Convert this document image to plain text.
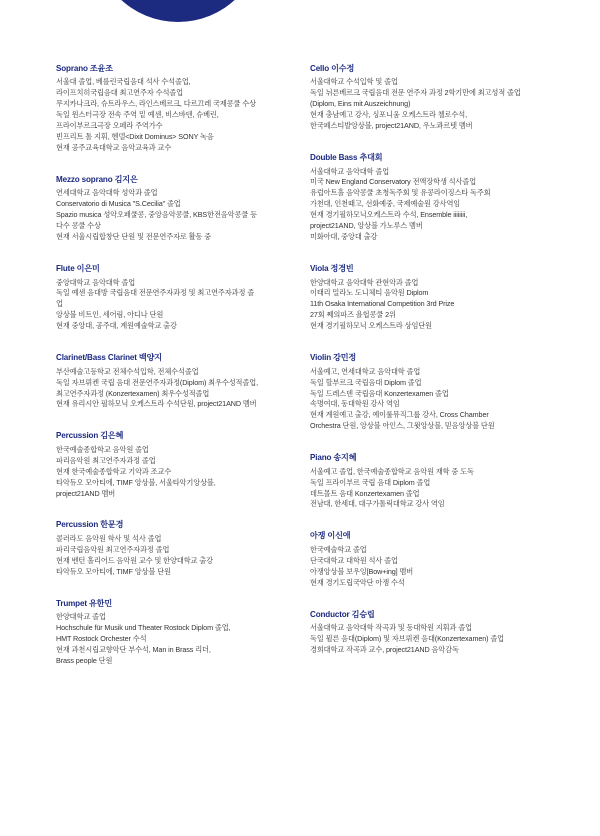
Soprano 조윤조
서울대 졸업, 베를린국립음대 석사 수석졸업,
라이프치히국립음대 최고연주자 수석졸업
무지카나크라, 슈트라우스, 라인스베르크, 다르끄레 국제콩쿨 수상
독일 윈스터극장 전속 주역 밑 예센, 비스바덴, 슈베린,
프라이부르크극장 오페라 주역가수
빈프리트 톨 지휘, 헨델<Dixit Dominus> SONY 녹음
현재 공주교육대학교 음악교육과 교수
Mezzo soprano 김지은
연세대학교 음악대학 성악과 졸업
Conservatorio di Musica "S.Cecilia" 졸업
Spazio musica 성악오페쿨콩, 중앙음악콩쿨, KBS한전음악콩쿨 등
다수 콩쿨 수상
현재 서울시립합창단 단원 및 전문연주자로 활동 중
Flute 이은미
중앙대학교 음악대학 졸업
독일 예센 음대방 국립음대 전문연주자과정 및 최고연주자과정 졸업
앙상블 비트인, 세어림, 아디나 단원
현재 중앙대, 공주대, 계원예술학교 출강
Clarinet/Bass Clarinet 백양지
부산예술고등학교 전체수석입학, 전체수석졸업
독일 자브뤼켄 국립 음대 전문연주자과정(Diplom) 최우수성적졸업,
최고연주자과정 (Konzertexamen) 최우수성적졸업
현재 유리시안 필하모닉 오케스트라 수석단원, project21AND 멤버
Percussion 김은혜
한국예술종합학교 음악원 졸업
파리음악원 최고연주자과정 졸업
현재 한국예술종합학교 기악과 조교수
타악듀오 모아티에, TIMF 앙상블, 서울타악기앙상블,
project21AND 멤버
Percussion 한문경
콜러라도 음악원 학사 및 석사 졸업
파리국립음악원 최고연주자과정 졸업
현재 벤턴 홀리어드 음악원 교수 및 한양대학교 출강
타악듀오 모아티에, TIMF 앙상블 단원
Trumpet 유한민
한양대학교 졸업
Hochschule für Musik und Theater Rostock Diplom 졸업,
HMT Rostock Orchester 수석
현재 과천시립교향악단 부수석, Man in Brass 리더,
Brass people 단원
Cello 이수정
서울대학교 수석입학 및 졸업
독일 뉘른베르크 국립음대 전문 연주자 과정 2학기만에 최고성적 졸업
(Diplom, Eins mit Auszeichnung)
현재 충남예고 강사, 싱포니움 오케스트라 첼로수석,
한국페스티발앙상블, project21AND, 우노콰르텟 멤버
Double Bass 추대회
서울대학교 음악대학 졸업
미국 New England Conservatory 전액장학생 석사졸업
유럽아트홀 음악콩쿨 초청독주회 및 유콩라이징스타 독주회
가천대, 인천때고, 선화예중, 국제예술원 강사역임
현재 경기필하모닉오케스트라 수석, Ensemble iiiiiiii,
project21AND, 앙상블 가노루스 멤버
미화아대, 중앙대 출강
Viola 정경빈
한양대학교 음악대학 관현악과 졸업
이태리 밀라노 도니체티 음악원 Diplom
11th Osaka International Competition 3rd Prize
27회 쩨의파즈 욜헙콩쿨 2위
현재 경기필하모닉 오케스트라 상임단원
Violin 강민정
서울예고, 연세대학교 음악대학 졸업
독일 할부르크 국립음대 Diplom 졸업
독일 드레스덴 국립음대 Konzertexamen 졸업
속명여대, 동대학원 강사 역임
현재 계원예고 출강, 예이룰뮤직그룹 강사, Cross Chamber
Orchestra 단원, 앙상블 아인스, 그윗앙상블, 믿음앙상블 단원
Piano 송지혜
서울예고 졸업, 한국예술종합학교 음악원 재학 중 도독
독일 프라이부르 국립 음대 Diplom 졸업
데트몰트 음대 Konzertexamen 졸업
전남대, 한세대, 대구가톨릭대학교 강사 역임
아쟁 이신애
한국예술학교 졸업
단국대학교 대학원 석사 졸업
아쟁앙상블 보우잉[Bow+ing] 멤버
현재 경기도립국악단 아쟁 수석
Conductor 김승립
서울대학교 음악대학 작곡과 및 동대학원 지휘과 졸업
독일 뮐른 음대(Diplom) 및 자브뤼켄 음대(Konzertexamen) 졸업
경희대학교 작곡과 교수, project21AND 음악감독
